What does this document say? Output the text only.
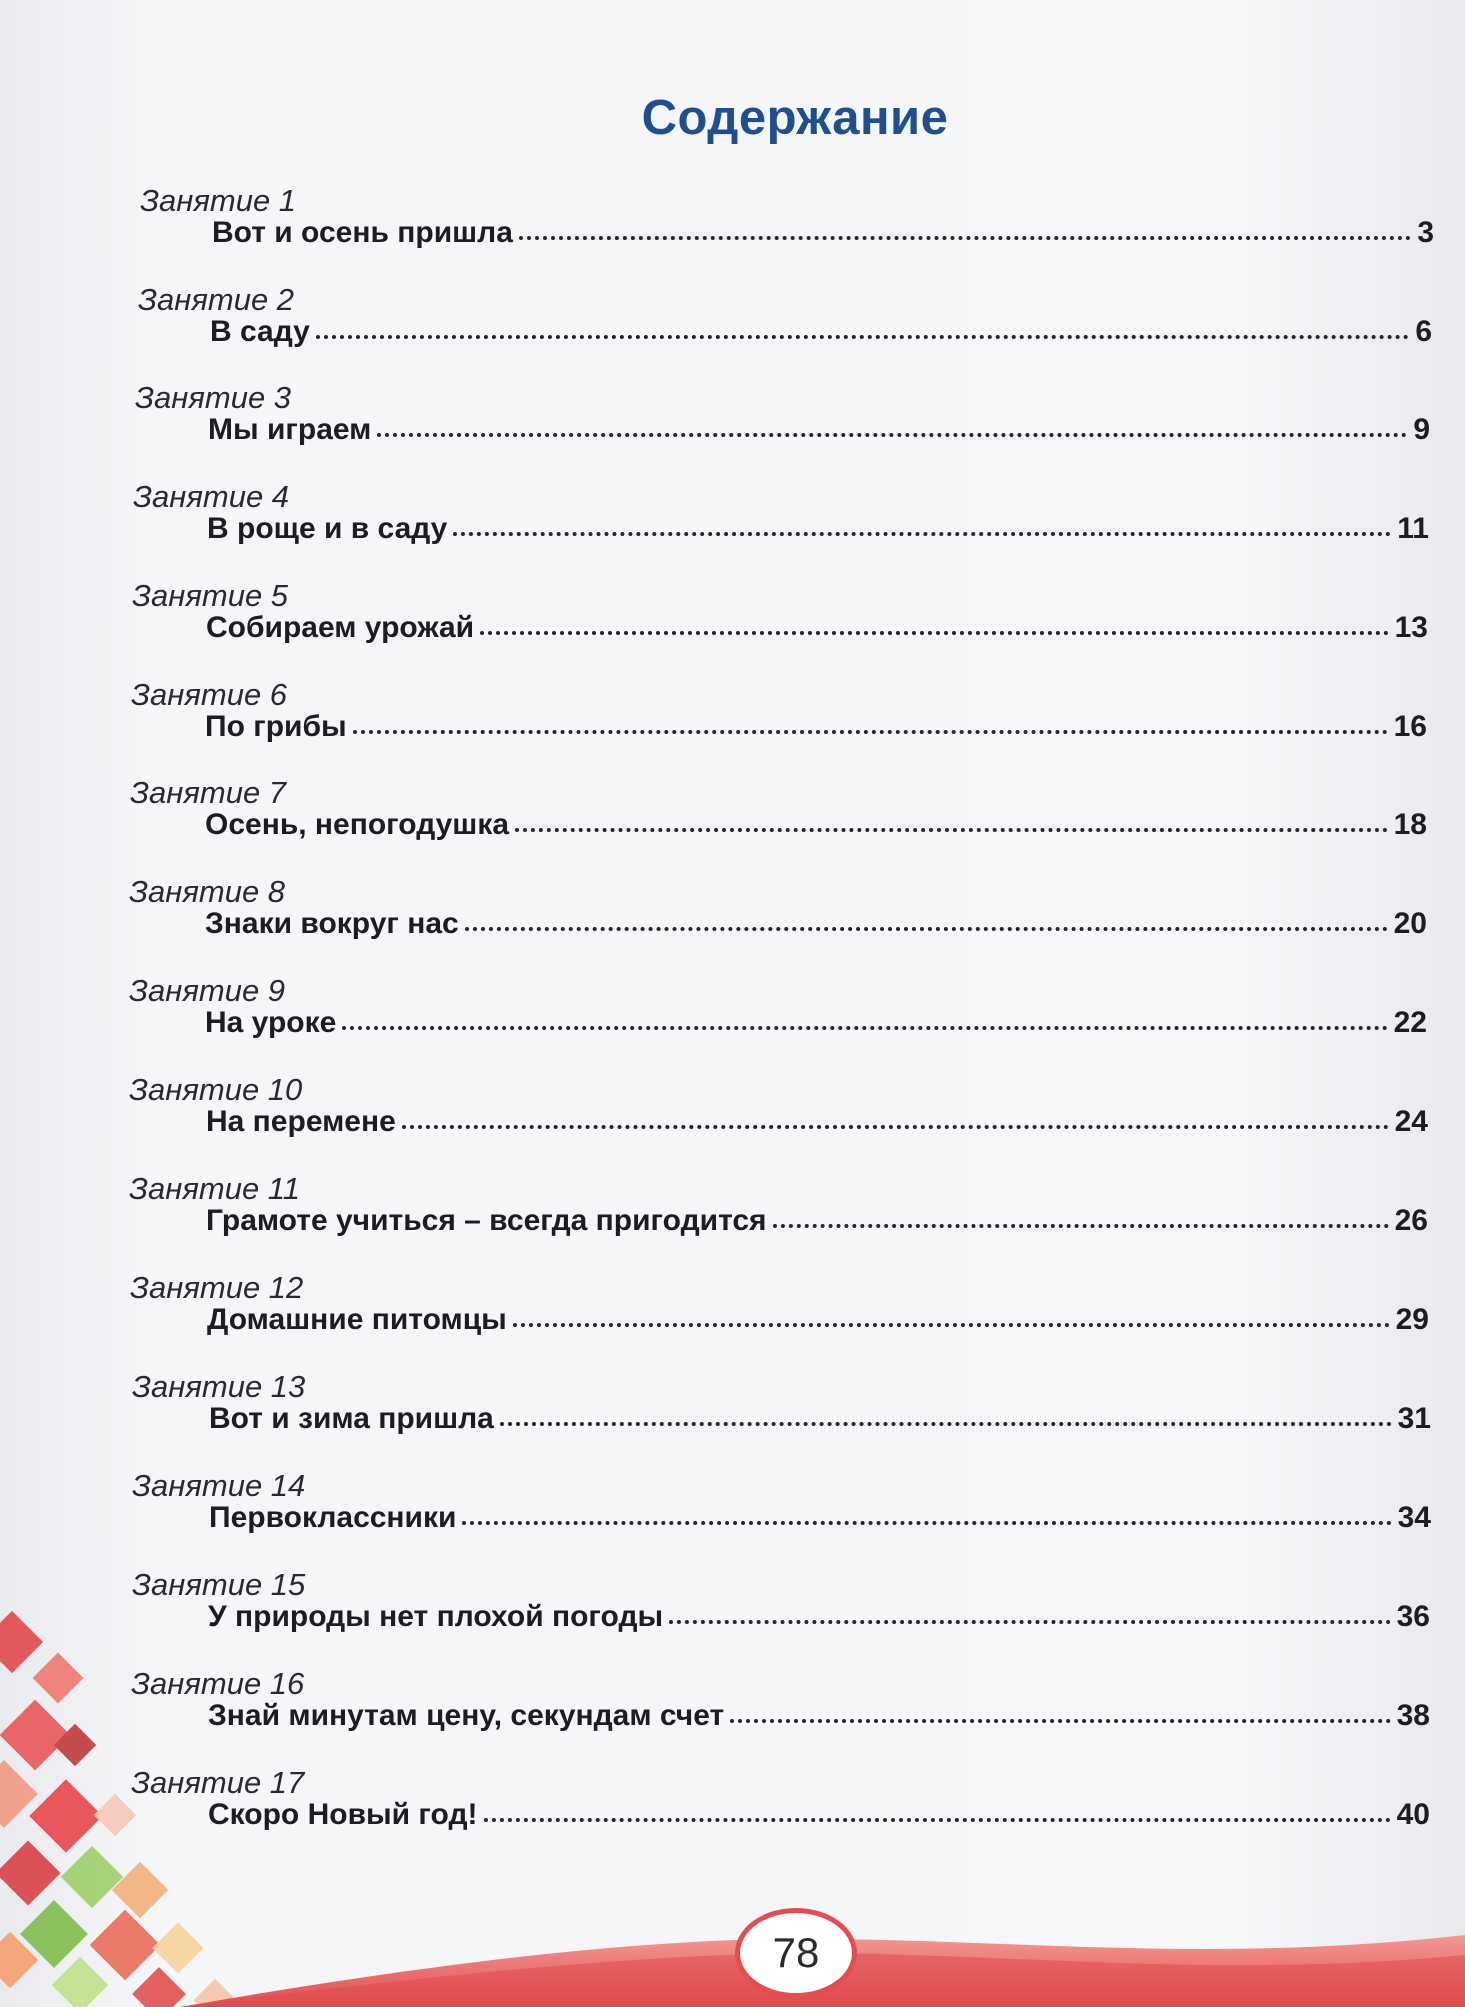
Содержание
Занятие 1
Вот и осень пришла	3
Занятие 2
В саду	6
Занятие 3
Мы играем	9
Занятие 4
В роще и в саду	11
Занятие 5
Собираем урожай	13
Занятие 6
По грибы	16
Занятие 7
Осень, непогодушка	18
Занятие 8
Знаки вокруг нас	20
Занятие 9
На уроке	22
Занятие 10
На перемене	24
Занятие 11
Грамоте учиться – всегда пригодится	26
Занятие 12
Домашние питомцы	29
Занятие 13
Вот и зима пришла	31
Занятие 14
Первоклассники	34
Занятие 15
У природы нет плохой погоды	36
Занятие 16
Знай минутам цену, секундам счет	38
Занятие 17
Скоро Новый год!	40
78
